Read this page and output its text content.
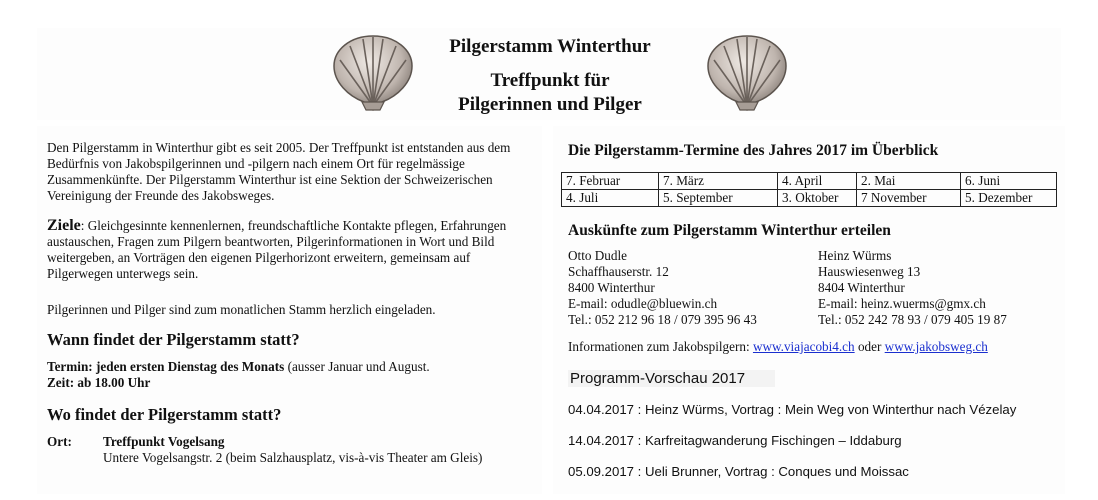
Pilgerstamm Winterthur
Treffpunkt für
Pilgerinnen und Pilger

Den Pilgerstamm in Winterthur gibt es seit 2005. Der Treffpunkt ist entstanden aus dem Bedürfnis von Jakobspilgerinnen und -pilgern nach einem Ort für regelmässige Zusammenkünfte. Der Pilgerstamm Winterthur ist eine Sektion der Schweizerischen Vereinigung der Freunde des Jakobsweges.

Ziele: Gleichgesinnte kennenlernen, freundschaftliche Kontakte pflegen, Erfahrungen austauschen, Fragen zum Pilgern beantworten, Pilgerinformationen in Wort und Bild weitergeben, an Vorträgen den eigenen Pilgerhorizont erweitern, gemeinsam auf Pilgerwegen unterwegs sein.

Pilgerinnen und Pilger sind zum monatlichen Stamm herzlich eingeladen.
Wann findet der Pilgerstamm statt?
Termin: jeden ersten Dienstag des Monats (ausser Januar und August.
Zeit: ab 18.00 Uhr
Wo findet der Pilgerstamm statt?
Ort: Treffpunkt Vogelsang
Untere Vogelsangstr. 2 (beim Salzhausplatz, vis-à-vis Theater am Gleis)
Die Pilgerstamm-Termine des Jahres 2017 im Überblick
7. Februar	7. März	4. April	2. Mai	6. Juni
4. Juli	5. September	3. Oktober	7 November	5. Dezember
Auskünfte zum Pilgerstamm Winterthur erteilen
Otto Dudle
Schaffhauserstr. 12
8400 Winterthur
E-mail: odudle@bluewin.ch
Tel.: 052 212 96 18 / 079 395 96 43
Heinz Würms
Hauswiesenweg 13
8404 Winterthur
E-mail: heinz.wuerms@gmx.ch
Tel.: 052 242 78 93 / 079 405 19 87
Informationen zum Jakobspilgern: www.viajacobi4.ch oder www.jakobsweg.ch
Programm-Vorschau 2017
04.04.2017 : Heinz Würms, Vortrag : Mein Weg von Winterthur nach Vézelay
14.04.2017 : Karfreitagwanderung Fischingen – Iddaburg
05.09.2017 : Ueli Brunner, Vortrag : Conques und Moissac
